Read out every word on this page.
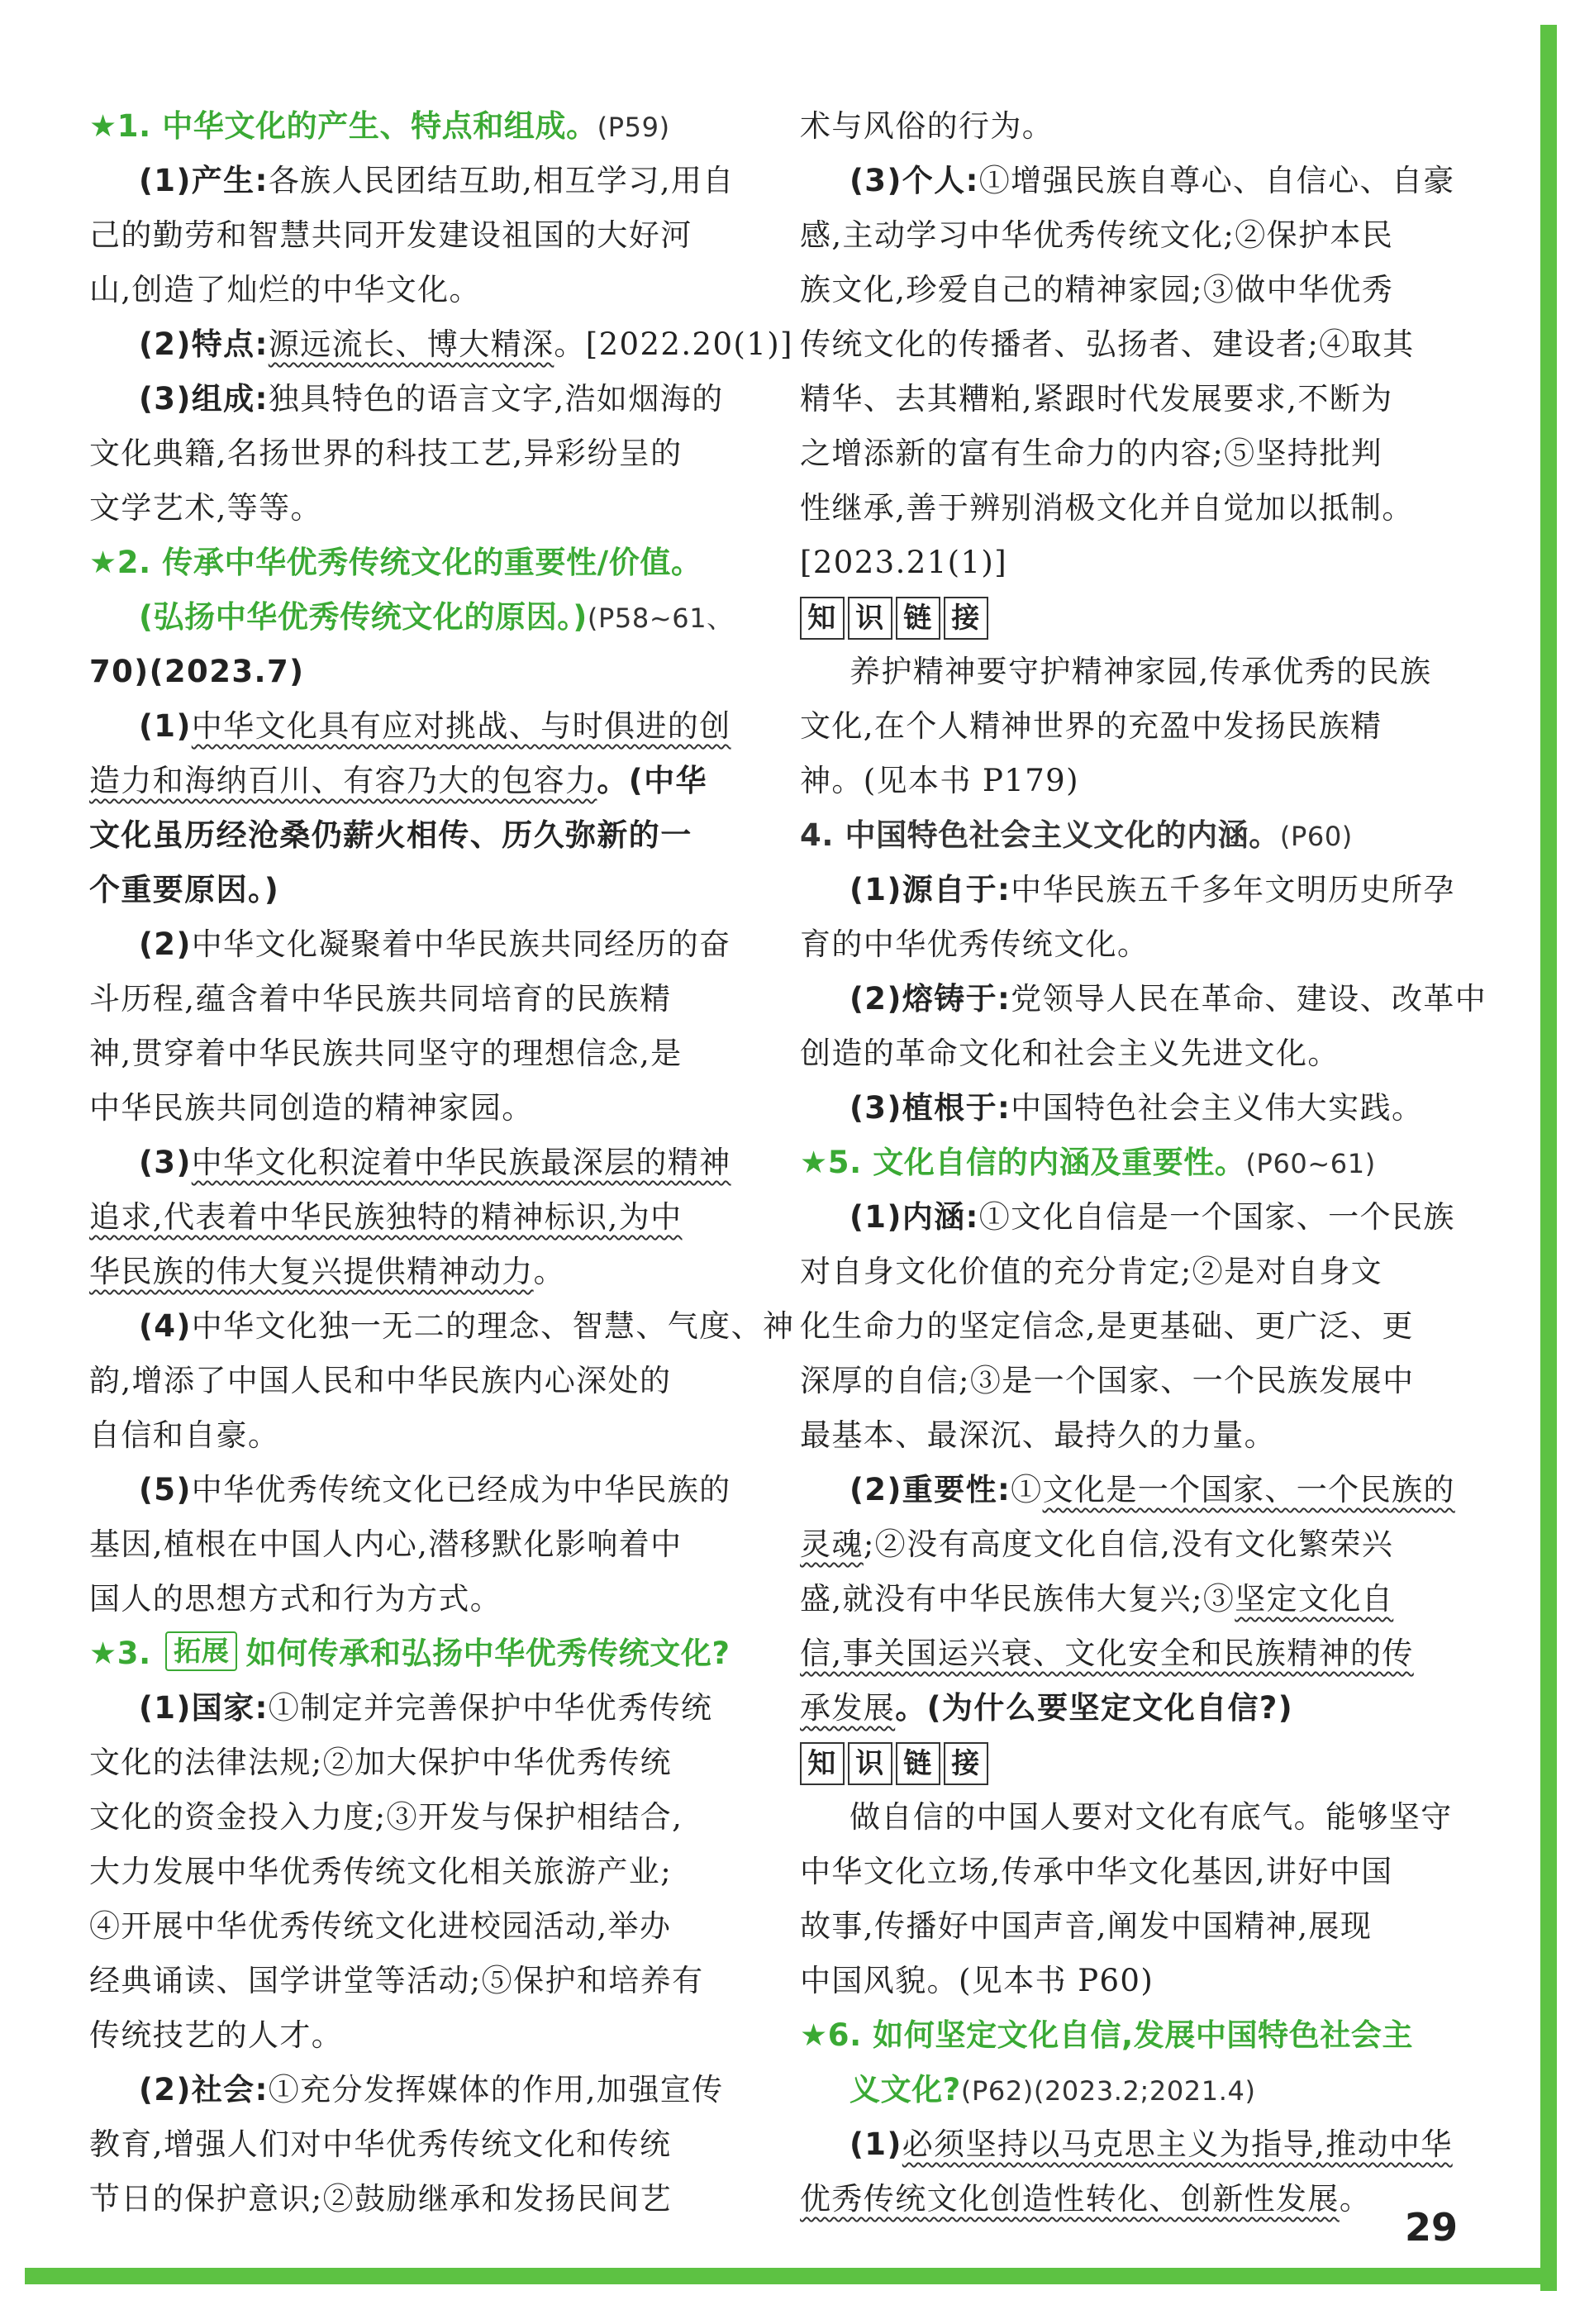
★1. 中华文化的产生、特点和组成。(P59)
(1)产生:各族人民团结互助,相互学习,用自
己的勤劳和智慧共同开发建设祖国的大好河
山,创造了灿烂的中华文化。
(2)特点:源远流长、博大精深。[2022.20(1)]
(3)组成:独具特色的语言文字,浩如烟海的
文化典籍,名扬世界的科技工艺,异彩纷呈的
文学艺术,等等。
★2. 传承中华优秀传统文化的重要性/价值。
(弘扬中华优秀传统文化的原因。)(P58~61、
70)(2023.7)
(1)中华文化具有应对挑战、与时俱进的创
造力和海纳百川、有容乃大的包容力。(中华
文化虽历经沧桑仍薪火相传、历久弥新的一
个重要原因。)
(2)中华文化凝聚着中华民族共同经历的奋
斗历程,蕴含着中华民族共同培育的民族精
神,贯穿着中华民族共同坚守的理想信念,是
中华民族共同创造的精神家园。
(3)中华文化积淀着中华民族最深层的精神
追求,代表着中华民族独特的精神标识,为中
华民族的伟大复兴提供精神动力。
(4)中华文化独一无二的理念、智慧、气度、神
韵,增添了中国人民和中华民族内心深处的
自信和自豪。
(5)中华优秀传统文化已经成为中华民族的
基因,植根在中国人内心,潜移默化影响着中
国人的思想方式和行为方式。
★3. 拓展 如何传承和弘扬中华优秀传统文化?
(1)国家:①制定并完善保护中华优秀传统
文化的法律法规;②加大保护中华优秀传统
文化的资金投入力度;③开发与保护相结合,
大力发展中华优秀传统文化相关旅游产业;
④开展中华优秀传统文化进校园活动,举办
经典诵读、国学讲堂等活动;⑤保护和培养有
传统技艺的人才。
(2)社会:①充分发挥媒体的作用,加强宣传
教育,增强人们对中华优秀传统文化和传统
节日的保护意识;②鼓励继承和发扬民间艺
术与风俗的行为。
(3)个人:①增强民族自尊心、自信心、自豪
感,主动学习中华优秀传统文化;②保护本民
族文化,珍爱自己的精神家园;③做中华优秀
传统文化的传播者、弘扬者、建设者;④取其
精华、去其糟粕,紧跟时代发展要求,不断为
之增添新的富有生命力的内容;⑤坚持批判
性继承,善于辨别消极文化并自觉加以抵制。
[2023.21(1)]
知 识 链 接
养护精神要守护精神家园,传承优秀的民族
文化,在个人精神世界的充盈中发扬民族精
神。(见本书 P179)
4. 中国特色社会主义文化的内涵。(P60)
(1)源自于:中华民族五千多年文明历史所孕
育的中华优秀传统文化。
(2)熔铸于:党领导人民在革命、建设、改革中
创造的革命文化和社会主义先进文化。
(3)植根于:中国特色社会主义伟大实践。
★5. 文化自信的内涵及重要性。(P60~61)
(1)内涵:①文化自信是一个国家、一个民族
对自身文化价值的充分肯定;②是对自身文
化生命力的坚定信念,是更基础、更广泛、更
深厚的自信;③是一个国家、一个民族发展中
最基本、最深沉、最持久的力量。
(2)重要性:①文化是一个国家、一个民族的
灵魂;②没有高度文化自信,没有文化繁荣兴
盛,就没有中华民族伟大复兴;③坚定文化自
信,事关国运兴衰、文化安全和民族精神的传
承发展。(为什么要坚定文化自信?)
知 识 链 接
做自信的中国人要对文化有底气。能够坚守
中华文化立场,传承中华文化基因,讲好中国
故事,传播好中国声音,阐发中国精神,展现
中国风貌。(见本书 P60)
★6. 如何坚定文化自信,发展中国特色社会主
义文化?(P62)(2023.2;2021.4)
(1)必须坚持以马克思主义为指导,推动中华
优秀传统文化创造性转化、创新性发展。
29
